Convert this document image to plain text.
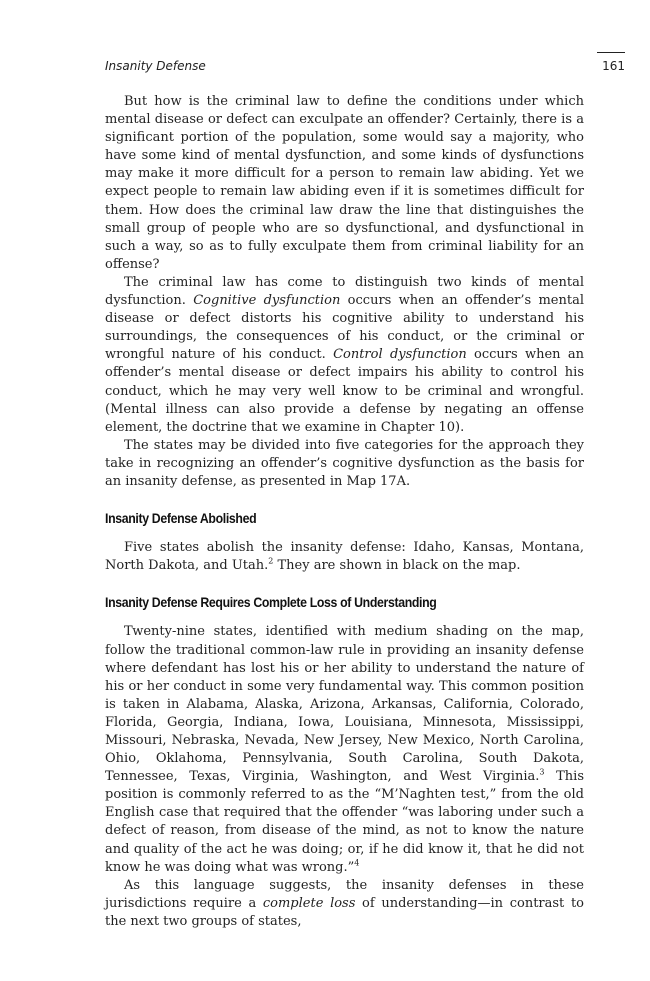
Insanity Defense	161

But how is the criminal law to define the conditions under which mental disease or defect can exculpate an offender? Certainly, there is a significant portion of the population, some would say a majority, who have some kind of mental dysfunction, and some kinds of dysfunctions may make it more difficult for a person to remain law abiding. Yet we expect people to remain law abiding even if it is sometimes difficult for them. How does the criminal law draw the line that distinguishes the small group of people who are so dysfunctional, and dysfunctional in such a way, so as to fully exculpate them from criminal liability for an offense?

The criminal law has come to distinguish two kinds of mental dysfunction. Cognitive dysfunction occurs when an offender’s mental disease or defect distorts his cognitive ability to understand his surroundings, the consequences of his conduct, or the criminal or wrongful nature of his conduct. Control dysfunction occurs when an offender’s mental disease or defect impairs his ability to control his conduct, which he may very well know to be criminal and wrongful. (Mental illness can also provide a defense by negating an offense element, the doctrine that we examine in Chapter 10).

The states may be divided into five categories for the approach they take in recognizing an offender’s cognitive dysfunction as the basis for an insanity defense, as presented in Map 17A.

Insanity Defense Abolished

Five states abolish the insanity defense: Idaho, Kansas, Montana, North Dakota, and Utah.$^2$ They are shown in black on the map.

Insanity Defense Requires Complete Loss of Understanding

Twenty-nine states, identified with medium shading on the map, follow the traditional common-law rule in providing an insanity defense where defendant has lost his or her ability to understand the nature of his or her conduct in some very fundamental way. This common position is taken in Alabama, Alaska, Arizona, Arkansas, California, Colorado, Florida, Georgia, Indiana, Iowa, Louisiana, Minnesota, Mississippi, Missouri, Nebraska, Nevada, New Jersey, New Mexico, North Carolina, Ohio, Oklahoma, Pennsylvania, South Carolina, South Dakota, Tennessee, Texas, Virginia, Washington, and West Virginia.$^3$ This position is commonly referred to as the “M’Naghten test,” from the old English case that required that the offender “was laboring under such a defect of reason, from disease of the mind, as not to know the nature and quality of the act he was doing; or, if he did know it, that he did not know he was doing what was wrong.”$^4$

As this language suggests, the insanity defenses in these jurisdictions require a complete loss of understanding—in contrast to the next two groups of states,
